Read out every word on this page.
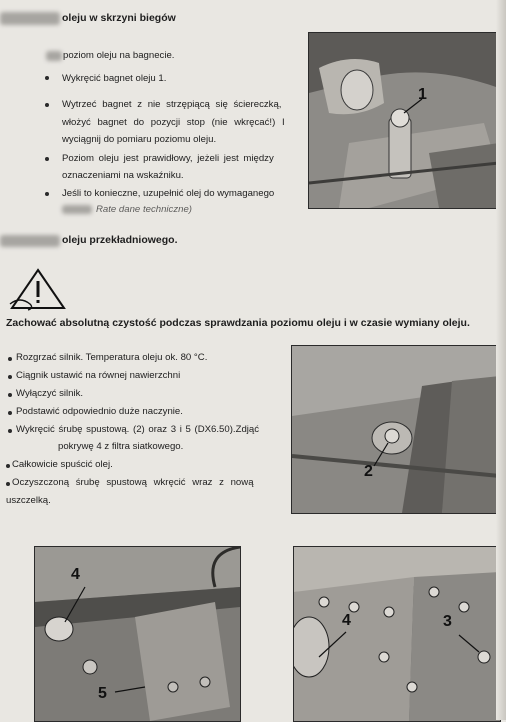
oleju w skrzyni biegów
poziom oleju na bagnecie.
Wykręcić bagnet oleju 1.
Wytrzeć bagnet z nie strzępiącą się ściereczką,
włożyć bagnet do pozycji stop (nie wkręcać!) I
wyciągnij do pomiaru poziomu oleju.
Poziom oleju jest prawidłowy, jeżeli jest między
oznaczeniami na wskaźniku.
Jeśli to konieczne, uzupełnić olej do wymaganego
Rate dane techniczne)
1
oleju przekładniowego.
Zachować absolutną czystość podczas sprawdzania poziomu oleju i w czasie wymiany oleju.
Rozgrzać silnik. Temperatura oleju ok. 80 °C.
Ciągnik ustawić na równej nawierzchni
Wyłączyć silnik.
Podstawić odpowiednio duże naczynie.
Wykręcić śrubę spustową. (2) oraz 3 i 5 (DX6.50).Zdjąć
pokrywę 4 z filtra siatkowego.
Całkowicie spuścić olej.
Oczyszczoną śrubę spustową wkręcić wraz z nową
uszczelką.
2
4
5
4	3
